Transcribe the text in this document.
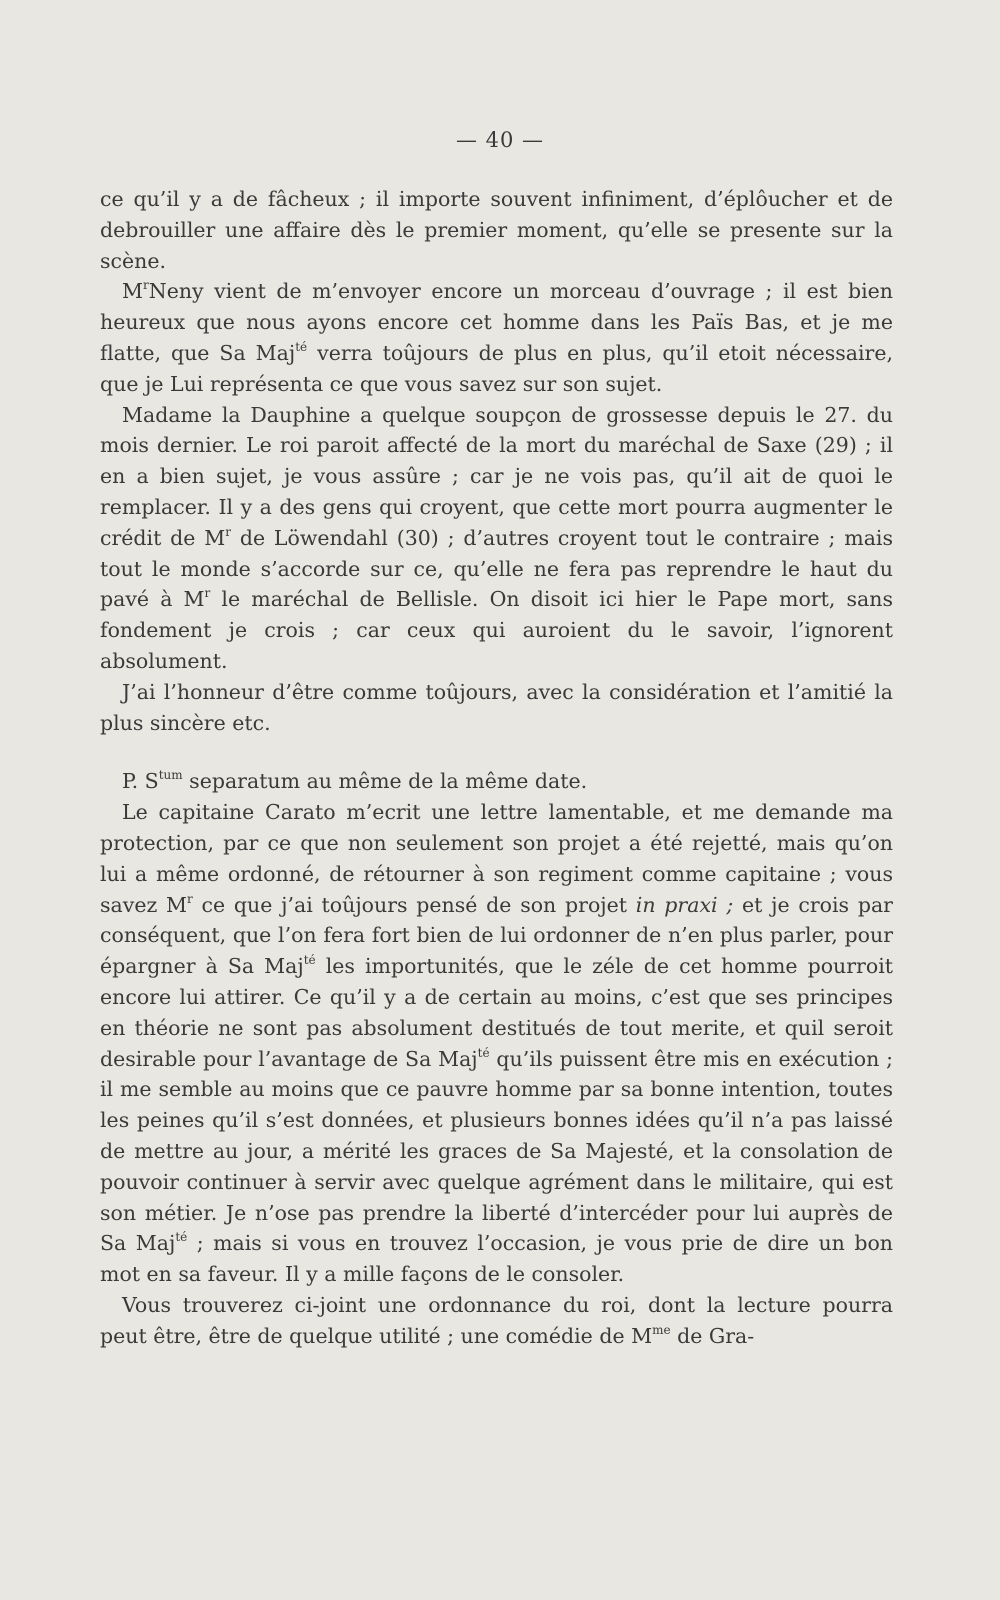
— 40 —

ce qu’il y a de fâcheux ; il importe souvent infiniment, d’éplôucher et de debrouiller une affaire dès le premier moment, qu’elle se presente sur la scène.

$M^rNeny$ vient de m’envoyer encore un morceau d’ouvrage ; il est bien heureux que nous ayons encore cet homme dans les Païs Bas, et je me flatte, que Sa Maj$^{té}$ verra toûjours de plus en plus, qu’il etoit nécessaire, que je Lui représenta ce que vous savez sur son sujet.

Madame la Dauphine a quelque soupçon de grossesse depuis le 27. du mois dernier. Le roi paroit affecté de la mort du maréchal de Saxe (29) ; il en a bien sujet, je vous assûre ; car je ne vois pas, qu’il ait de quoi le remplacer. Il y a des gens qui croyent, que cette mort pourra augmenter le crédit de $M^r$ de Löwendahl (30) ; d’autres croyent tout le contraire ; mais tout le monde s’accorde sur ce, qu’elle ne fera pas reprendre le haut du pavé à $M^r$ le maréchal de Bellisle. On disoit ici hier le Pape mort, sans fondement je crois ; car ceux qui auroient du le savoir, l’ignorent absolument.

J’ai l’honneur d’être comme toûjours, avec la considération et l’amitié la plus sincère etc.

P. $S^{tum}$ separatum au même de la même date.

Le capitaine Carato m’ecrit une lettre lamentable, et me demande ma protection, par ce que non seulement son projet a été rejetté, mais qu’on lui a même ordonné, de rétourner à son regiment comme capitaine ; vous savez $M^r$ ce que j’ai toûjours pensé de son projet in praxi ; et je crois par conséquent, que l’on fera fort bien de lui ordonner de n’en plus parler, pour épargner à Sa Maj$^{té}$ les importunités, que le zéle de cet homme pourroit encore lui attirer. Ce qu’il y a de certain au moins, c’est que ses principes en théorie ne sont pas absolument destitués de tout merite, et quil seroit desirable pour l’avantage de Sa Maj$^{té}$ qu’ils puissent être mis en exécution ; il me semble au moins que ce pauvre homme par sa bonne intention, toutes les peines qu’il s’est données, et plusieurs bonnes idées qu’il n’a pas laissé de mettre au jour, a mérité les graces de Sa Majesté, et la consolation de pouvoir continuer à servir avec quelque agrément dans le militaire, qui est son métier. Je n’ose pas prendre la liberté d’intercéder pour lui auprès de Sa Maj$^{té}$ ; mais si vous en trouvez l’occasion, je vous prie de dire un bon mot en sa faveur. Il y a mille façons de le consoler.

Vous trouverez ci-joint une ordonnance du roi, dont la lecture pourra peut être, être de quelque utilité ; une comédie de $M^{me}$ de Gra-
